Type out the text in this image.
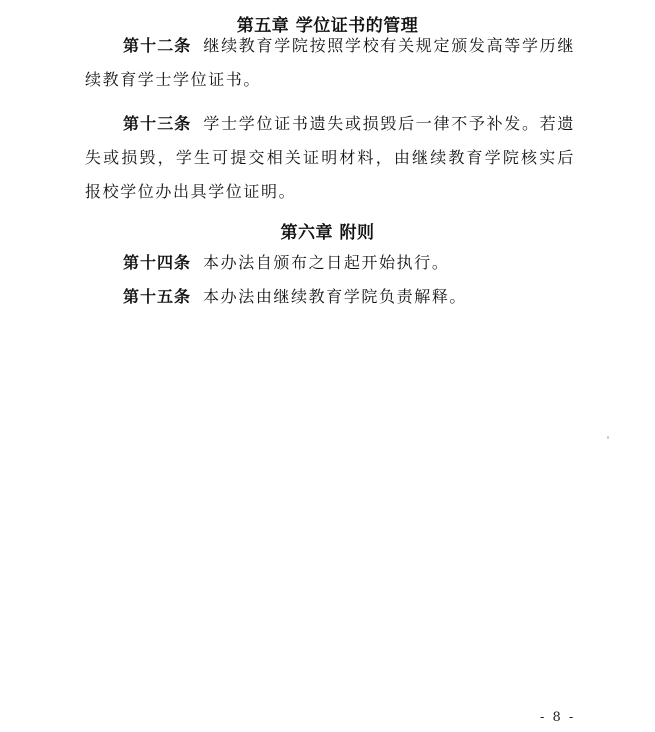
第五章 学位证书的管理

第十二条 继续教育学院按照学校有关规定颁发高等学历继续教育学士学位证书。

第十三条 学士学位证书遗失或损毁后一律不予补发。若遗失或损毁，学生可提交相关证明材料，由继续教育学院核实后报校学位办出具学位证明。

第六章 附则

第十四条 本办法自颁布之日起开始执行。

第十五条 本办法由继续教育学院负责解释。

- 8 -
